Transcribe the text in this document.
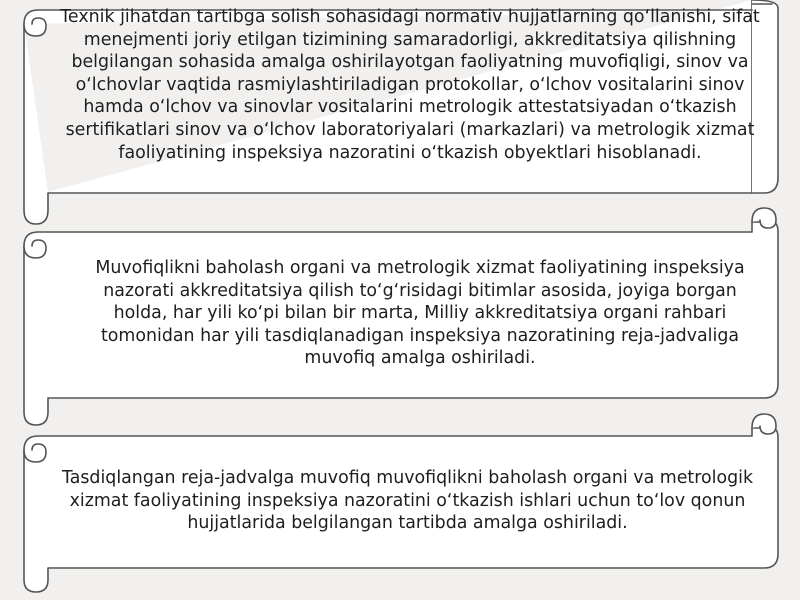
Texnik jihatdan tartibga solish sohasidagi normativ hujjatlarning qo‘llanishi, sifat menejmenti joriy etilgan tizimining samaradorligi, akkreditatsiya qilishning belgilangan sohasida amalga oshirilayotgan faoliyatning muvofiqligi, sinov va o‘lchovlar vaqtida rasmiylashtiriladigan protokollar, o‘lchov vositalarini sinov hamda o‘lchov va sinovlar vositalarini metrologik attestatsiyadan o‘tkazish sertifikatlari sinov va o‘lchov laboratoriyalari (markazlari) va metrologik xizmat faoliyatining inspeksiya nazoratini o‘tkazish obyektlari hisoblanadi.

Muvofiqlikni baholash organi va metrologik xizmat faoliyatining inspeksiya nazorati akkreditatsiya qilish to‘g‘risidagi bitimlar asosida, joyiga borgan holda, har yili ko‘pi bilan bir marta, Milliy akkreditatsiya organi rahbari tomonidan har yili tasdiqlanadigan inspeksiya nazoratining reja-jadvaliga muvofiq amalga oshiriladi.

Tasdiqlangan reja-jadvalga muvofiq muvofiqlikni baholash organi va metrologik xizmat faoliyatining inspeksiya nazoratini o‘tkazish ishlari uchun to‘lov qonun hujjatlarida belgilangan tartibda amalga oshiriladi.
